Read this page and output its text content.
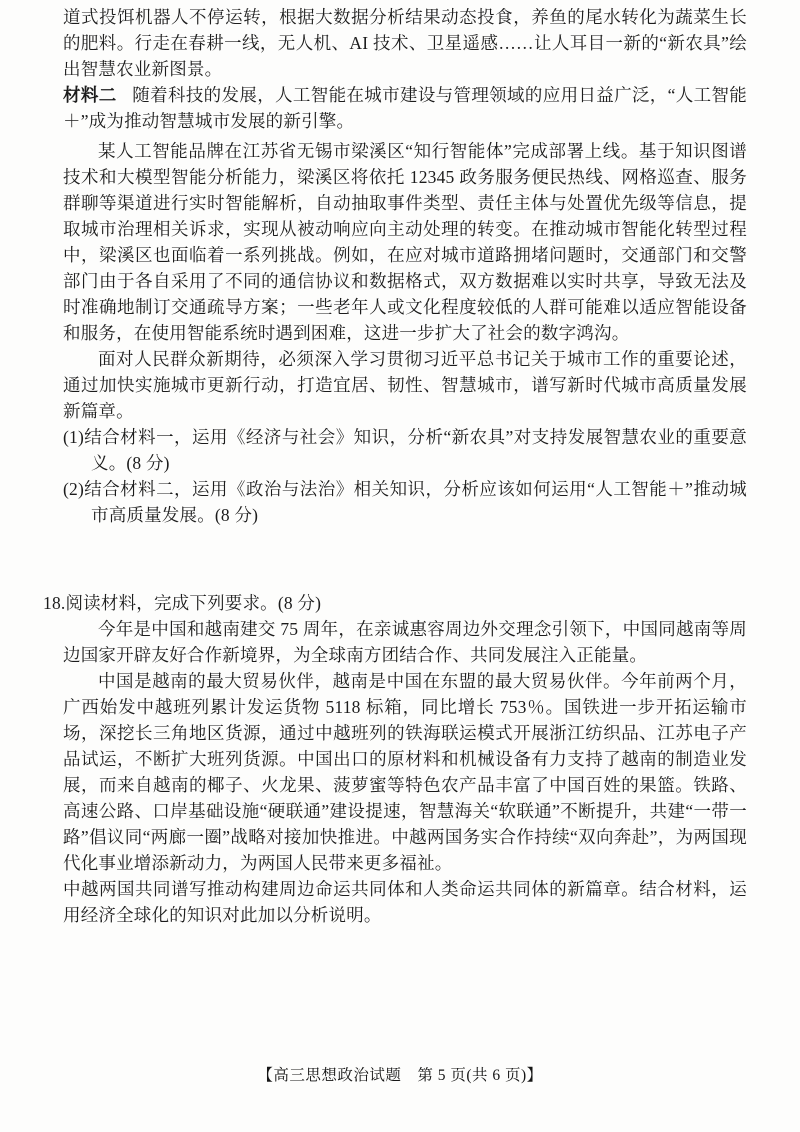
道式投饵机器人不停运转，根据大数据分析结果动态投食，养鱼的尾水转化为蔬菜生长的肥料。行走在春耕一线，无人机、AI 技术、卫星遥感……让人耳目一新的“新农具”绘出智慧农业新图景。

材料二 随着科技的发展，人工智能在城市建设与管理领域的应用日益广泛，“人工智能＋”成为推动智慧城市发展的新引擎。

某人工智能品牌在江苏省无锡市梁溪区“知行智能体”完成部署上线。基于知识图谱技术和大模型智能分析能力，梁溪区将依托 12345 政务服务便民热线、网格巡查、服务群聊等渠道进行实时智能解析，自动抽取事件类型、责任主体与处置优先级等信息，提取城市治理相关诉求，实现从被动响应向主动处理的转变。在推动城市智能化转型过程中，梁溪区也面临着一系列挑战。例如，在应对城市道路拥堵问题时，交通部门和交警部门由于各自采用了不同的通信协议和数据格式，双方数据难以实时共享，导致无法及时准确地制订交通疏导方案；一些老年人或文化程度较低的人群可能难以适应智能设备和服务，在使用智能系统时遇到困难，这进一步扩大了社会的数字鸿沟。

面对人民群众新期待，必须深入学习贯彻习近平总书记关于城市工作的重要论述，通过加快实施城市更新行动，打造宜居、韧性、智慧城市，谱写新时代城市高质量发展新篇章。

(1)结合材料一，运用《经济与社会》知识，分析“新农具”对支持发展智慧农业的重要意义。(8 分)

(2)结合材料二，运用《政治与法治》相关知识，分析应该如何运用“人工智能＋”推动城市高质量发展。(8 分)

18.阅读材料，完成下列要求。(8 分)

今年是中国和越南建交 75 周年，在亲诚惠容周边外交理念引领下，中国同越南等周边国家开辟友好合作新境界，为全球南方团结合作、共同发展注入正能量。

中国是越南的最大贸易伙伴，越南是中国在东盟的最大贸易伙伴。今年前两个月，广西始发中越班列累计发运货物 5118 标箱，同比增长 753％。国铁进一步开拓运输市场，深挖长三角地区货源，通过中越班列的铁海联运模式开展浙江纺织品、江苏电子产品试运，不断扩大班列货源。中国出口的原材料和机械设备有力支持了越南的制造业发展，而来自越南的椰子、火龙果、菠萝蜜等特色农产品丰富了中国百姓的果篮。铁路、高速公路、口岸基础设施“硬联通”建设提速，智慧海关“软联通”不断提升，共建“一带一路”倡议同“两廊一圈”战略对接加快推进。中越两国务实合作持续“双向奔赴”，为两国现代化事业增添新动力，为两国人民带来更多福祉。

中越两国共同谱写推动构建周边命运共同体和人类命运共同体的新篇章。结合材料，运用经济全球化的知识对此加以分析说明。

【高三思想政治试题　第 5 页(共 6 页)】
